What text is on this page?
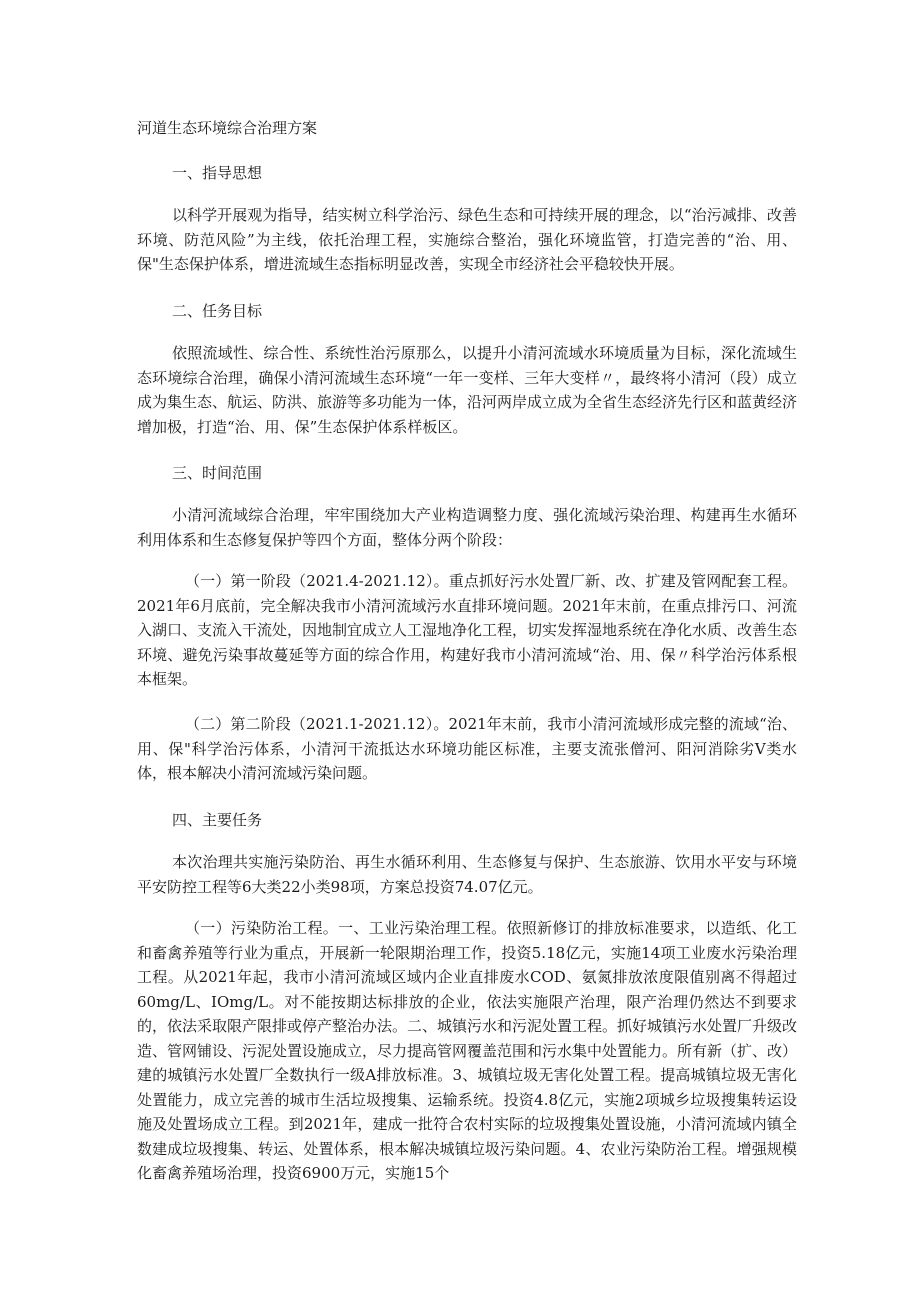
河道生态环境综合治理方案
一、指导思想
以科学开展观为指导，结实树立科学治污、绿色生态和可持续开展的理念，以“治污减排、改善环境、防范风险”为主线，依托治理工程，实施综合整治，强化环境监管，打造完善的“治、用、保"生态保护体系，增进流域生态指标明显改善，实现全市经济社会平稳较快开展。
二、任务目标
依照流域性、综合性、系统性治污原那么，以提升小清河流域水环境质量为目标，深化流域生态环境综合治理，确保小清河流域生态环境“一年一变样、三年大变样〃，最终将小清河（段）成立成为集生态、航运、防洪、旅游等多功能为一体，沿河两岸成立成为全省生态经济先行区和蓝黄经济增加极，打造“治、用、保”生态保护体系样板区。
三、时间范围
小清河流域综合治理，牢牢围绕加大产业构造调整力度、强化流域污染治理、构建再生水循环利用体系和生态修复保护等四个方面，整体分两个阶段：
（一）第一阶段（2021.4-2021.12）。重点抓好污水处置厂新、改、扩建及管网配套工程。2021年6月底前，完全解决我市小清河流域污水直排环境问题。2021年末前，在重点排污口、河流入湖口、支流入干流处，因地制宜成立人工湿地净化工程，切实发挥湿地系统在净化水质、改善生态环境、避免污染事故蔓延等方面的综合作用，构建好我市小清河流域“治、用、保〃科学治污体系根本框架。
（二）第二阶段（2021.1-2021.12）。2021年末前，我市小清河流域形成完整的流域“治、用、保"科学治污体系，小清河干流抵达水环境功能区标准，主要支流张僧河、阳河消除劣Ⅴ类水体，根本解决小清河流域污染问题。
四、主要任务
本次治理共实施污染防治、再生水循环利用、生态修复与保护、生态旅游、饮用水平安与环境平安防控工程等6大类22小类98项，方案总投资74.07亿元。
（一）污染防治工程。一、工业污染治理工程。依照新修订的排放标准要求，以造纸、化工和畜禽养殖等行业为重点，开展新一轮限期治理工作，投资5.18亿元，实施14项工业废水污染治理工程。从2021年起，我市小清河流域区域内企业直排废水COD、氨氮排放浓度限值别离不得超过60mg/L、IOmg/L。对不能按期达标排放的企业，依法实施限产治理，限产治理仍然达不到要求的，依法采取限产限排或停产整治办法。二、城镇污水和污泥处置工程。抓好城镇污水处置厂升级改造、管网铺设、污泥处置设施成立，尽力提高管网覆盖范围和污水集中处置能力。所有新（扩、改）建的城镇污水处置厂全数执行一级A排放标准。3、城镇垃圾无害化处置工程。提高城镇垃圾无害化处置能力，成立完善的城市生活垃圾搜集、运输系统。投资4.8亿元，实施2项城乡垃圾搜集转运设施及处置场成立工程。到2021年，建成一批符合农村实际的垃圾搜集处置设施，小清河流域内镇全数建成垃圾搜集、转运、处置体系，根本解决城镇垃圾污染问题。4、农业污染防治工程。增强规模化畜禽养殖场治理，投资6900万元，实施15个
